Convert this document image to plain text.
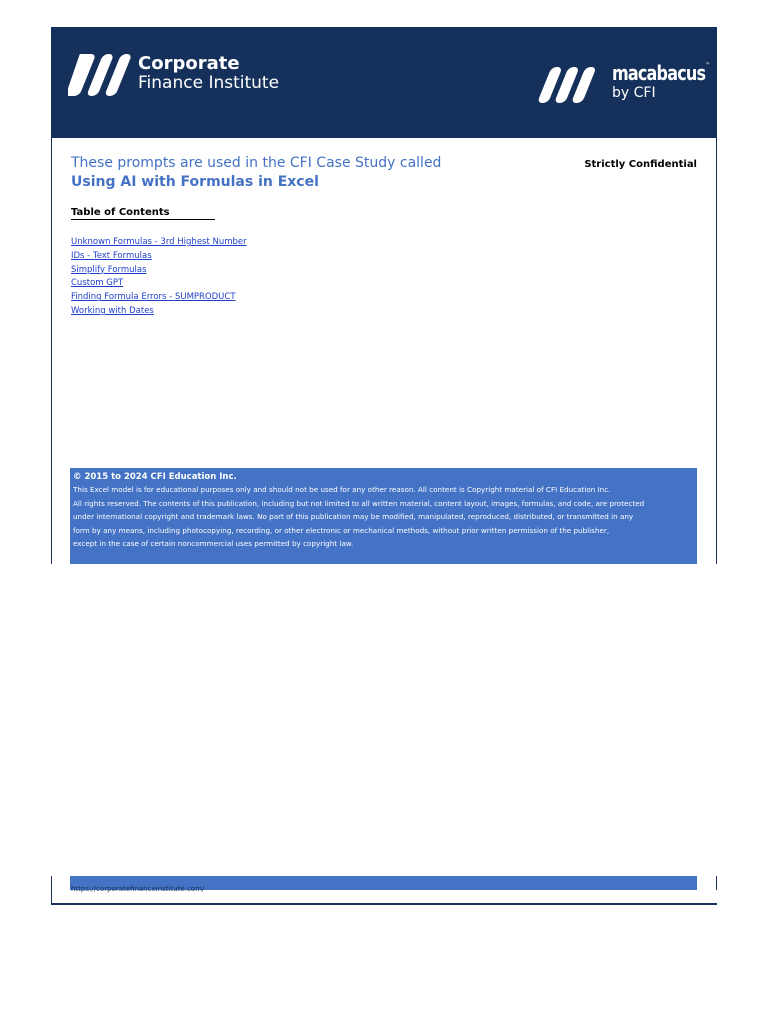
Corporate
Finance Institute	macabacus™
by CFI
These prompts are used in the CFI Case Study called
Using AI with Formulas in Excel
Strictly Confidential
Table of Contents
Unknown Formulas - 3rd Highest Number
IDs - Text Formulas
Simplify Formulas
Custom GPT
Finding Formula Errors - SUMPRODUCT
Working with Dates
© 2015 to 2024 CFI Education Inc.
This Excel model is for educational purposes only and should not be used for any other reason. All content is Copyright material of CFI Education Inc.
All rights reserved. The contents of this publication, including but not limited to all written material, content layout, images, formulas, and code, are protected
under international copyright and trademark laws. No part of this publication may be modified, manipulated, reproduced, distributed, or transmitted in any
form by any means, including photocopying, recording, or other electronic or mechanical methods, without prior written permission of the publisher,
except in the case of certain noncommercial uses permitted by copyright law.
https://corporatefinanceinstitute.com/
